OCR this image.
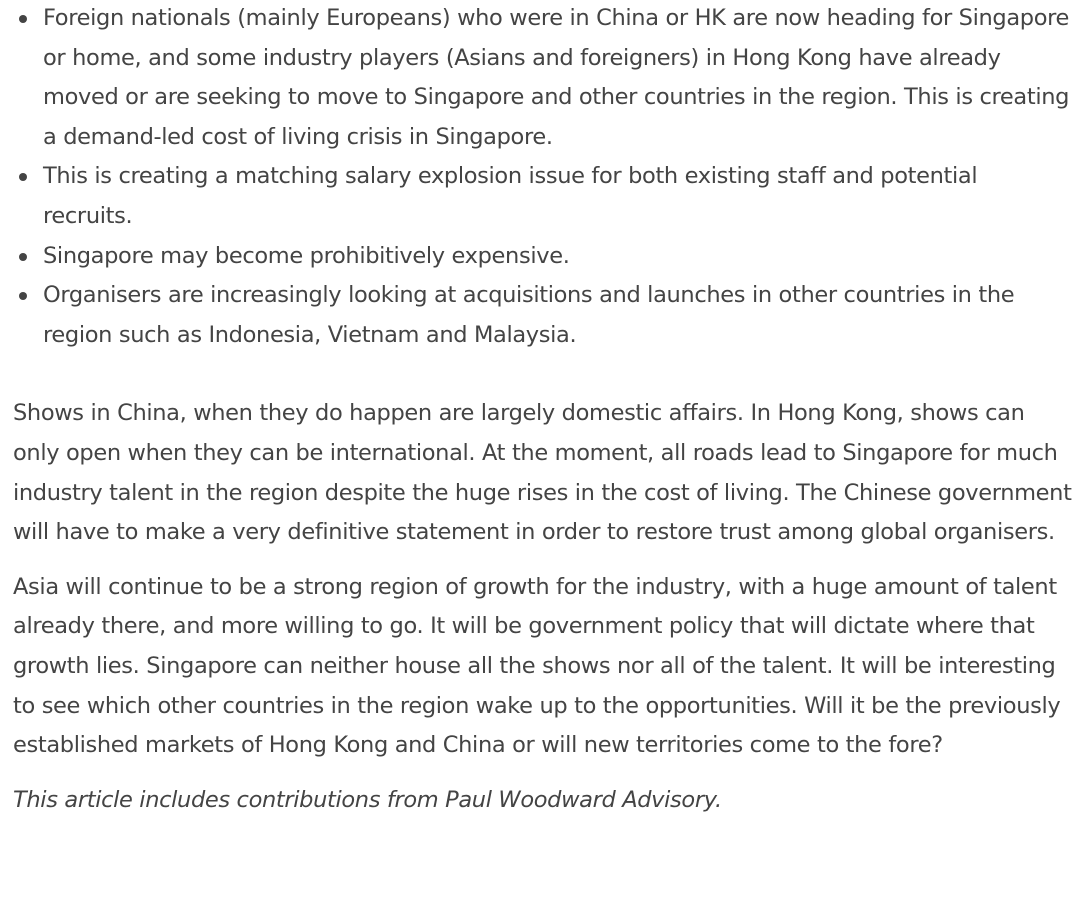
Foreign nationals (mainly Europeans) who were in China or HK are now heading for Singapore or home, and some industry players (Asians and foreigners) in Hong Kong have already moved or are seeking to move to Singapore and other countries in the region. This is creating a demand-led cost of living crisis in Singapore.
This is creating a matching salary explosion issue for both existing staff and potential recruits.
Singapore may become prohibitively expensive.
Organisers are increasingly looking at acquisitions and launches in other countries in the region such as Indonesia, Vietnam and Malaysia.

Shows in China, when they do happen are largely domestic affairs. In Hong Kong, shows can only open when they can be international. At the moment, all roads lead to Singapore for much industry talent in the region despite the huge rises in the cost of living. The Chinese government will have to make a very definitive statement in order to restore trust among global organisers.

Asia will continue to be a strong region of growth for the industry, with a huge amount of talent already there, and more willing to go. It will be government policy that will dictate where that growth lies. Singapore can neither house all the shows nor all of the talent. It will be interesting to see which other countries in the region wake up to the opportunities. Will it be the previously established markets of Hong Kong and China or will new territories come to the fore?

This article includes contributions from Paul Woodward Advisory.
